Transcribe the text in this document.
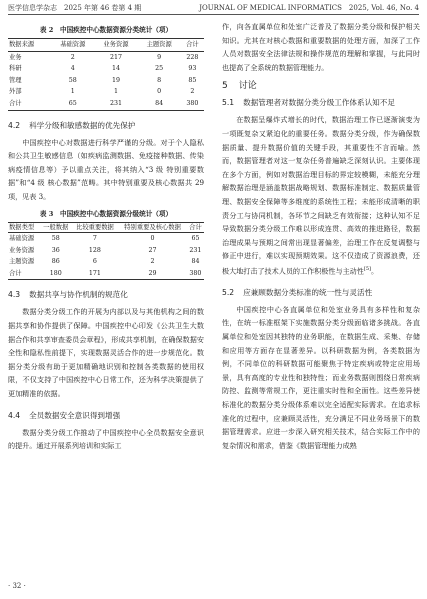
医学信息学杂志　2025 年第 46 卷第 4 期	JOURNAL OF MEDICAL INFORMATICS　2025, Vol. 46, No. 4
表 2　中国疾控中心数据资源分类统计（项）
数据来源	基础资源	业务资源	主题资源	合计
业务	2	217	9	228
科研	4	14	25	93
管理	58	19	8	85
外部	1	1	0	2
合计	65	231	84	380
4.2 科学分级和敏感数据的优先保护
中国疾控中心对数据进行科学严谨的分级。对于个人隐私和公共卫生敏感信息（如疾病监测数据、免疫接种数据、传染病疫情信息等）予以重点关注，将其纳入“3 级 特别重要数据”和“4 级 核心数据”范畴。其中特别重要及核心数据共 29 项，见表 3。
表 3　中国疾控中心数据资源分级统计（项）
数据类型	一般数据	比较重要数据	特别重要及核心数据	合计
基础资源	58	7	0	65
业务资源	36	128	27	231
主题资源	86	6	2	84
合计	180	171	29	380
4.3 数据共享与协作机制的规范化
数据分类分级工作的开展为内部以及与其他机构之间的数据共享和协作提供了保障。中国疾控中心印发《公共卫生大数据合作和共享审查委员会章程》，形成共享机制，在确保数据安全性和隐私性前提下，实现数据灵活合作的进一步规范化。数据分类分级有助于更加精确地识别和控制各类数据的使用权限，不仅支持了中国疾控中心日常工作，还为科学决策提供了更加精准的依据。
4.4 全员数据安全意识得到增强
数据分类分级工作推动了中国疾控中心全员数据安全意识的提升。通过开展系列培训和实际工
作，向各直属单位和处室广泛普及了数据分类分级和保护相关知识。尤其在对核心数据和重要数据的处理方面，加深了工作人员对数据安全法律法规和操作规范的理解和掌握，与此同时也提高了全系统的数据管理能力。
5 讨论
5.1 数据管理者对数据分类分级工作体系认知不足
在数据呈爆炸式增长的时代，数据治理工作已逐渐演变为一项既复杂又紧迫化的重要任务。数据分类分级，作为确保数据质量、提升数据价值的关键手段，其重要性不言而喻。然而，数据管理者对这一复杂任务普遍缺乏深刻认识。主要体现在多个方面，例如对数据治理目标的界定较模糊，未能充分理解数据治理是涵盖数据战略规划、数据标准制定、数据质量管理、数据安全保障等多维度的系统性工程；未能形成清晰的职责分工与协同机制，各环节之间缺乏有效衔接；这种认知不足导致数据分类分级工作难以形成连贯、高效的推进路径，数据治理成果与预期之间常出现显著偏差，治理工作在反复调整与修正中进行，难以实现预期效果。这不仅造成了资源浪费，还极大地打击了技术人员的工作积极性与主动性[5]。
5.2 应兼顾数据分类标准的统一性与灵活性
中国疾控中心各直属单位和处室业务具有多样性和复杂性，在统一标准框架下实施数据分类分级面临诸多挑战。各直属单位和处室因其独特的业务职能，在数据生成、采集、存储和应用等方面存在显著差异。以科研数据为例，各类数据为例，不同单位的科研数据可能聚焦于特定疾病或特定应用场景，具有高度的专业性和独特性；而业务数据则围绕日常疾病防控、监测等常规工作，更注重实时性和全面性。这些差异使标准化的数据分类分级体系难以完全适配实际需求。在追求标准化的过程中，应兼顾灵活性，充分满足不同业务场景下的数据管理需求。应进一步深入研究相关技术，结合实际工作中的复杂情况和需求，借鉴《数据管理能力成熟
· 32 ·
